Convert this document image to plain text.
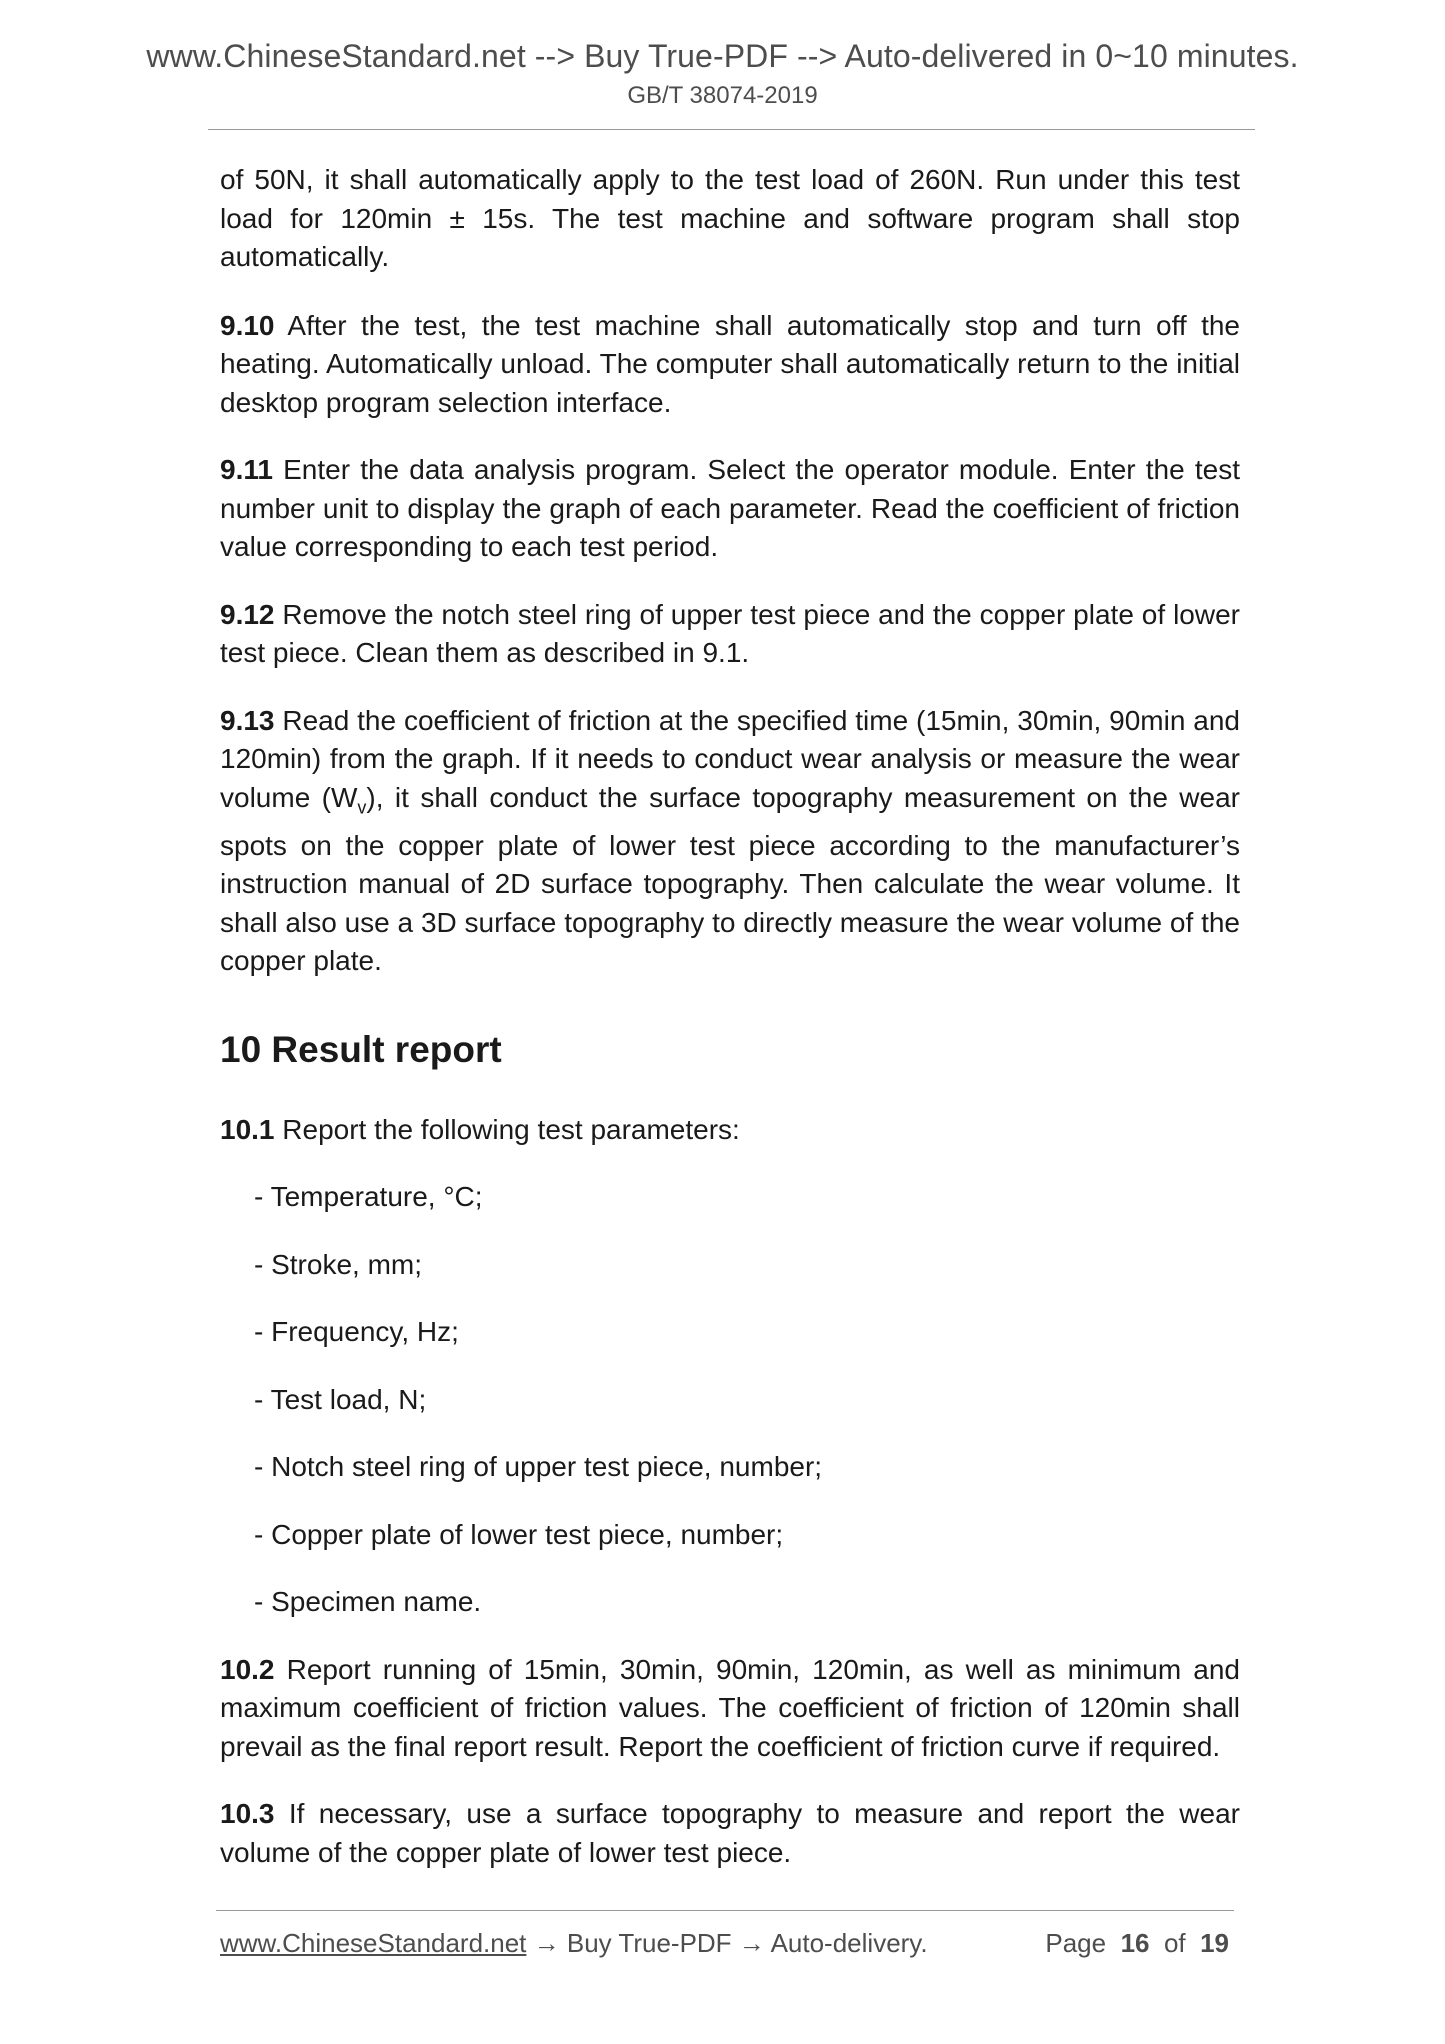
www.ChineseStandard.net --> Buy True-PDF --> Auto-delivered in 0~10 minutes.
GB/T 38074-2019

of 50N, it shall automatically apply to the test load of 260N. Run under this test load for 120min ± 15s. The test machine and software program shall stop automatically.

9.10 After the test, the test machine shall automatically stop and turn off the heating. Automatically unload. The computer shall automatically return to the initial desktop program selection interface.

9.11 Enter the data analysis program. Select the operator module. Enter the test number unit to display the graph of each parameter. Read the coefficient of friction value corresponding to each test period.

9.12 Remove the notch steel ring of upper test piece and the copper plate of lower test piece. Clean them as described in 9.1.

9.13 Read the coefficient of friction at the specified time (15min, 30min, 90min and 120min) from the graph. If it needs to conduct wear analysis or measure the wear volume $(W_v)$, it shall conduct the surface topography measurement on the wear spots on the copper plate of lower test piece according to the manufacturer’s instruction manual of 2D surface topography. Then calculate the wear volume. It shall also use a 3D surface topography to directly measure the wear volume of the copper plate.

10 Result report

10.1 Report the following test parameters:

- Temperature, °C;
- Stroke, mm;
- Frequency, Hz;
- Test load, N;
- Notch steel ring of upper test piece, number;
- Copper plate of lower test piece, number;
- Specimen name.

10.2 Report running of 15min, 30min, 90min, 120min, as well as minimum and maximum coefficient of friction values. The coefficient of friction of 120min shall prevail as the final report result. Report the coefficient of friction curve if required.

10.3 If necessary, use a surface topography to measure and report the wear volume of the copper plate of lower test piece.

www.ChineseStandard.net → Buy True-PDF → Auto-delivery.	Page 16 of 19
